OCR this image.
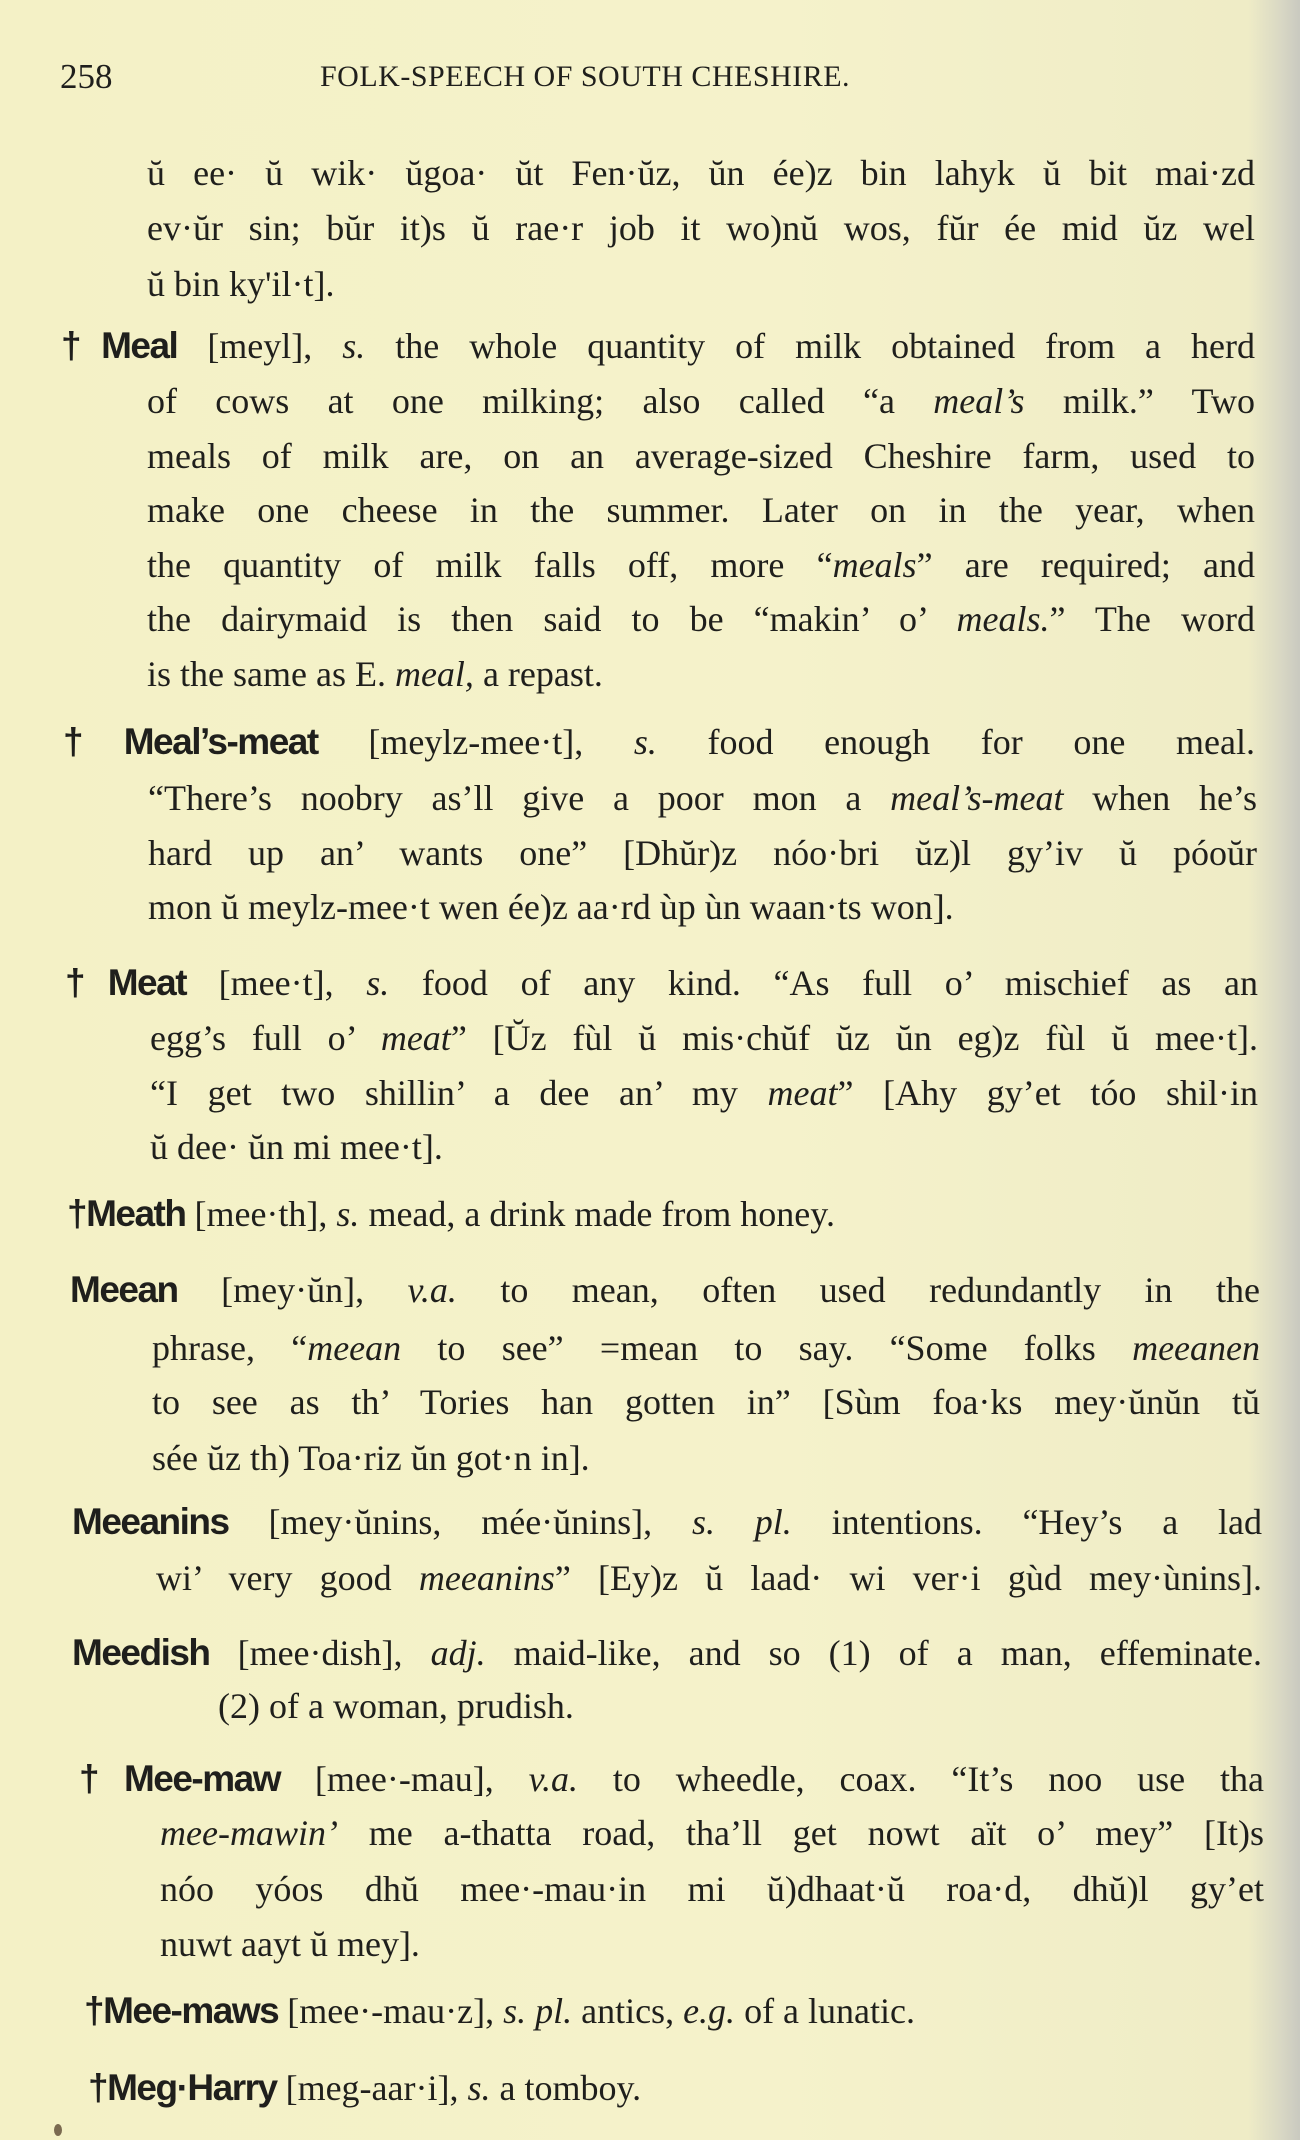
258	FOLK-SPEECH OF SOUTH CHESHIRE.
ŭ ee· ŭ wik· ŭgoa· ŭt Fen·ŭz, ŭn ée)z bin lahyk ŭ bit mai·zd
ev·ŭr sin; bŭr it)s ŭ rae·r job it wo)nŭ wos, fŭr ée mid ŭz wel
ŭ bin ky'il·t].
†Meal [meyl], s. the whole quantity of milk obtained from a herd
of cows at one milking; also called “a meal’s milk.” Two
meals of milk are, on an average-sized Cheshire farm, used to
make one cheese in the summer. Later on in the year, when
the quantity of milk falls off, more “meals” are required; and
the dairymaid is then said to be “makin’ o’ meals.” The word
is the same as E. meal, a repast.
†Meal’s-meat [meylz-mee·t], s. food enough for one meal.
“There’s noobry as’ll give a poor mon a meal’s-meat when he’s
hard up an’ wants one” [Dhŭr)z nóo·bri ŭz)l gy’iv ŭ póoŭr
mon ŭ meylz-mee·t wen ée)z aa·rd ùp ùn waan·ts won].
†Meat [mee·t], s. food of any kind. “As full o’ mischief as an
egg’s full o’ meat” [Ŭz fùl ŭ mis·chŭf ŭz ŭn eg)z fùl ŭ mee·t].
“I get two shillin’ a dee an’ my meat” [Ahy gy’et tóo shil·in
ŭ dee· ŭn mi mee·t].
†Meath [mee·th], s. mead, a drink made from honey.
Meean [mey·ŭn], v.a. to mean, often used redundantly in the
phrase, “meean to see” =mean to say. “Some folks meeanen
to see as th’ Tories han gotten in” [Sùm foa·ks mey·ŭnŭn tŭ
sée ŭz th) Toa·riz ŭn got·n in].
Meeanins [mey·ŭnins, mée·ŭnins], s. pl. intentions. “Hey’s a lad
wi’ very good meeanins” [Ey)z ŭ laad· wi ver·i gùd mey·ùnins].
Meedish [mee·dish], adj. maid-like, and so (1) of a man, effeminate.
(2) of a woman, prudish.
†Mee-maw [mee·-mau], v.a. to wheedle, coax. “It’s noo use tha
mee-mawin’ me a-thatta road, tha’ll get nowt aït o’ mey” [It)s
nóo yóos dhŭ mee·-mau·in mi ŭ)dhaat·ŭ roa·d, dhŭ)l gy’et
nuwt aayt ŭ mey].
†Mee-maws [mee·-mau·z], s. pl. antics, e.g. of a lunatic.
†Meg·Harry [meg-aar·i], s. a tomboy.
